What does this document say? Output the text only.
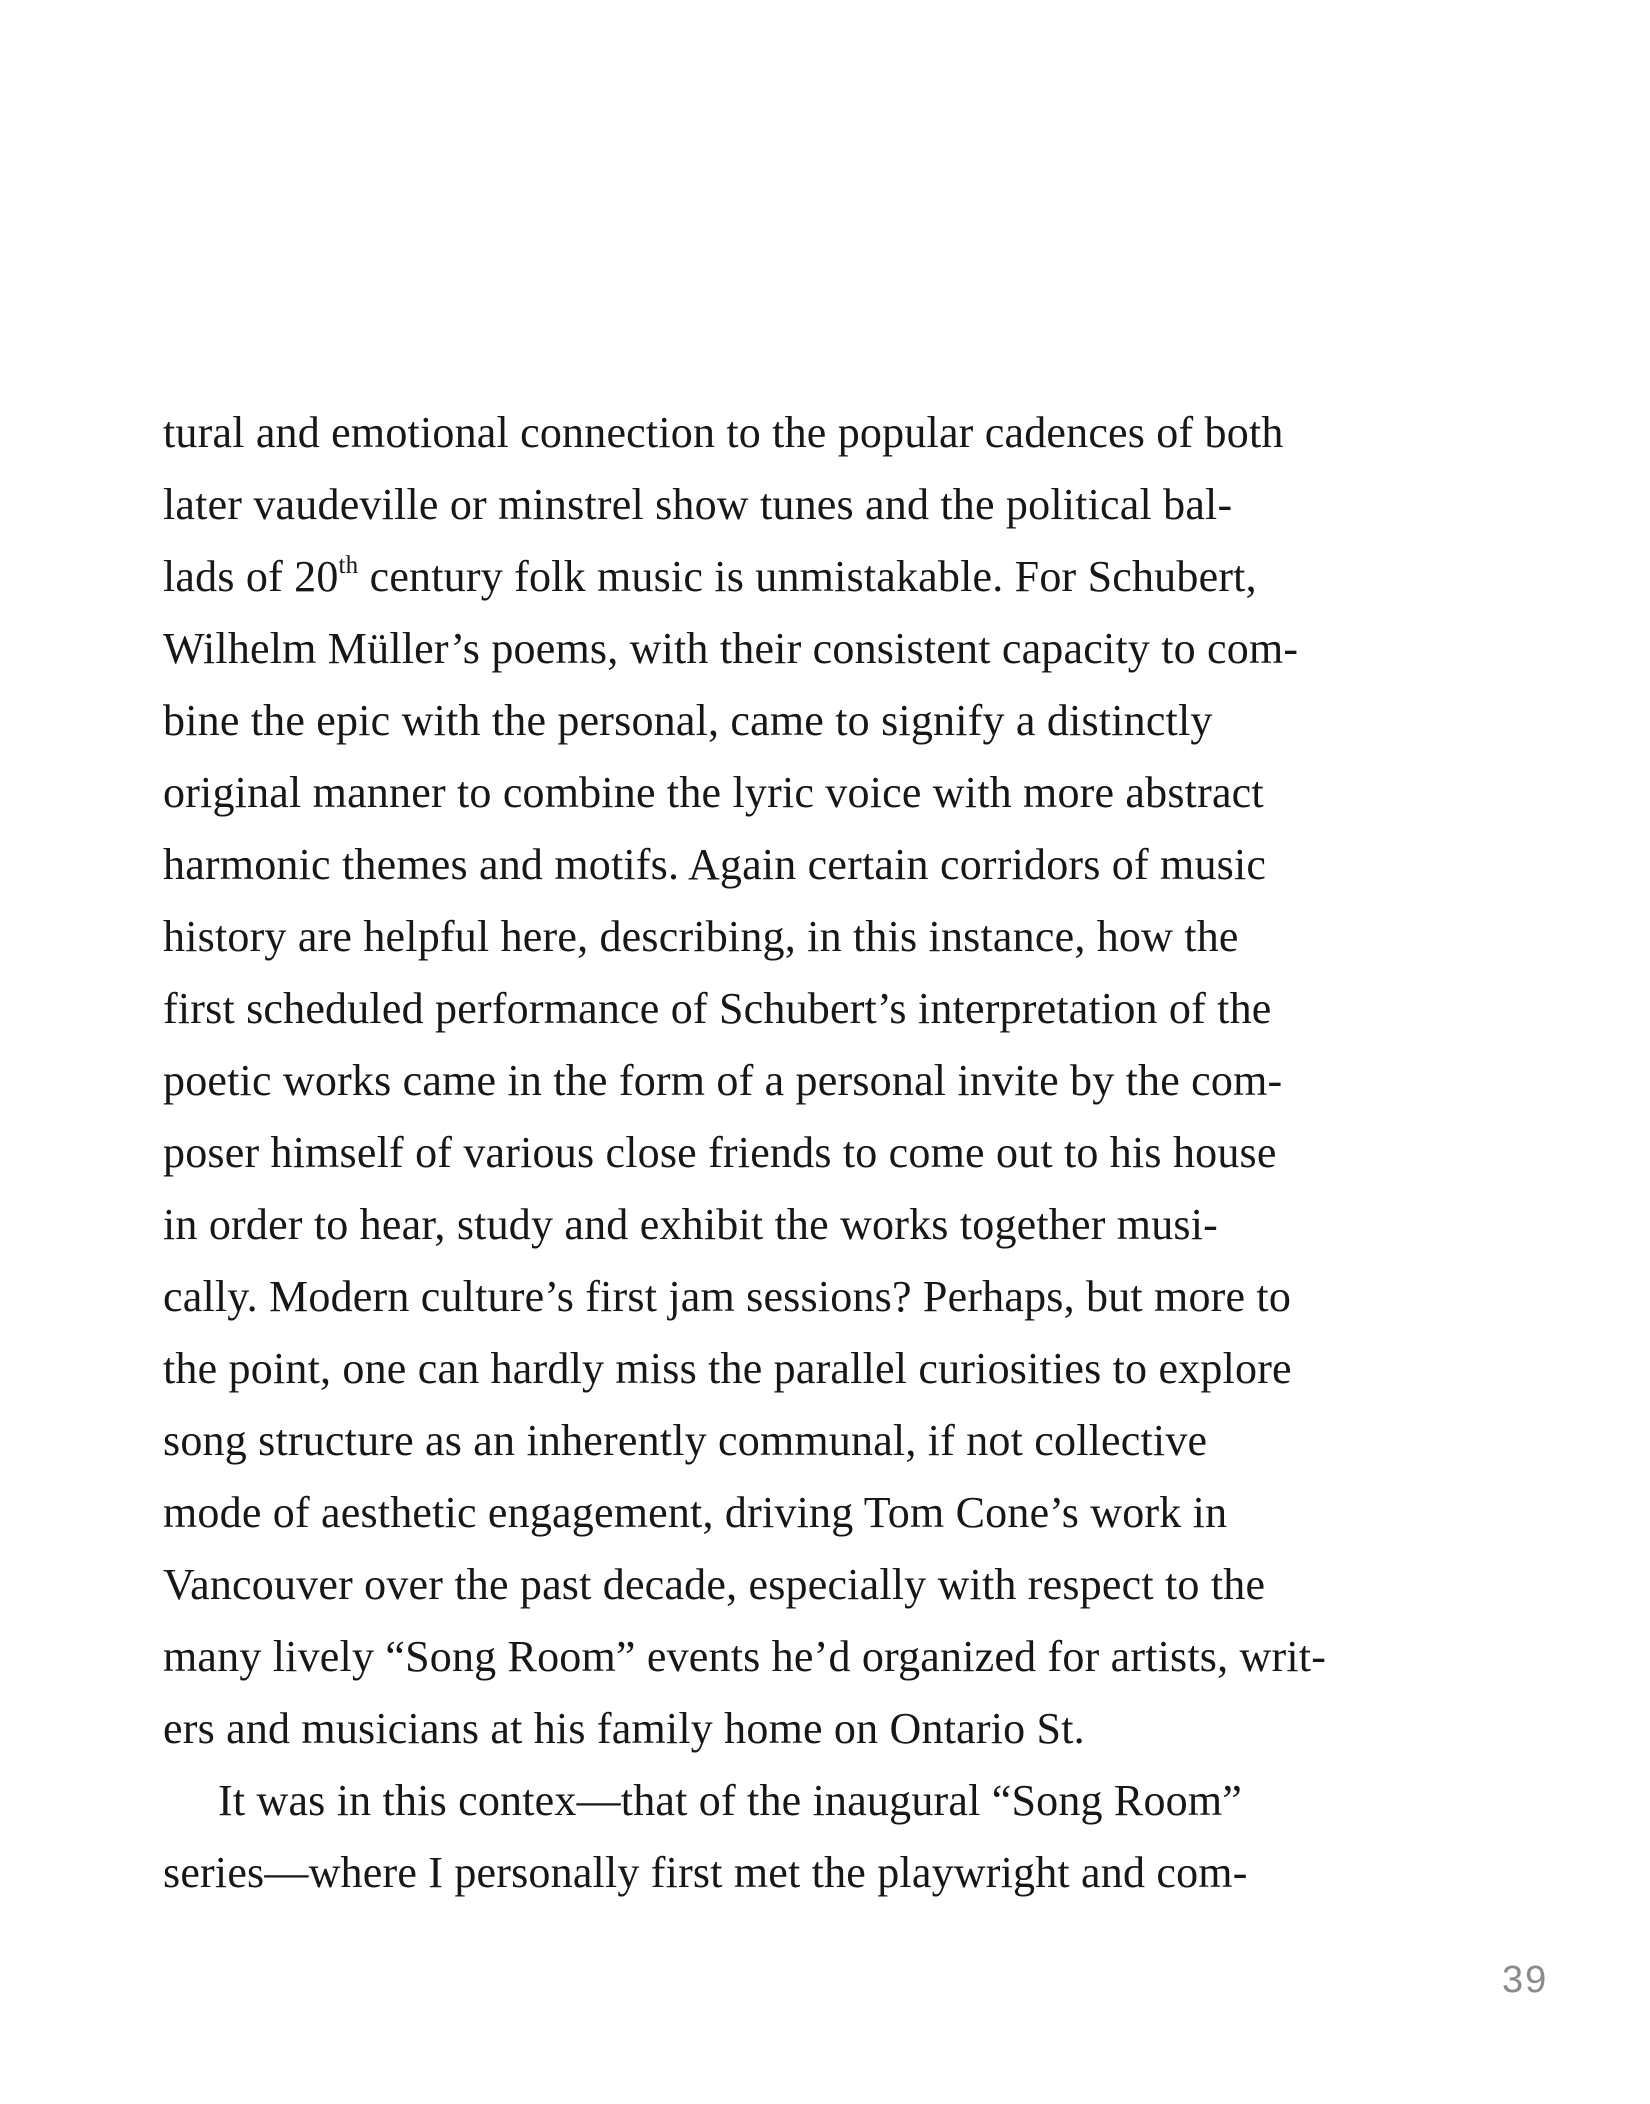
tural and emotional connection to the popular cadences of both
later vaudeville or minstrel show tunes and the political bal-
lads of 20th century folk music is unmistakable. For Schubert,
Wilhelm Müller’s poems, with their consistent capacity to com-
bine the epic with the personal, came to signify a distinctly
original manner to combine the lyric voice with more abstract
harmonic themes and motifs. Again certain corridors of music
history are helpful here, describing, in this instance, how the
first scheduled performance of Schubert’s interpretation of the
poetic works came in the form of a personal invite by the com-
poser himself of various close friends to come out to his house
in order to hear, study and exhibit the works together musi-
cally. Modern culture’s first jam sessions? Perhaps, but more to
the point, one can hardly miss the parallel curiosities to explore
song structure as an inherently communal, if not collective
mode of aesthetic engagement, driving Tom Cone’s work in
Vancouver over the past decade, especially with respect to the
many lively “Song Room” events he’d organized for artists, writ-
ers and musicians at his family home on Ontario St.

It was in this contex—that of the inaugural “Song Room”
series—where I personally first met the playwright and com-

39
